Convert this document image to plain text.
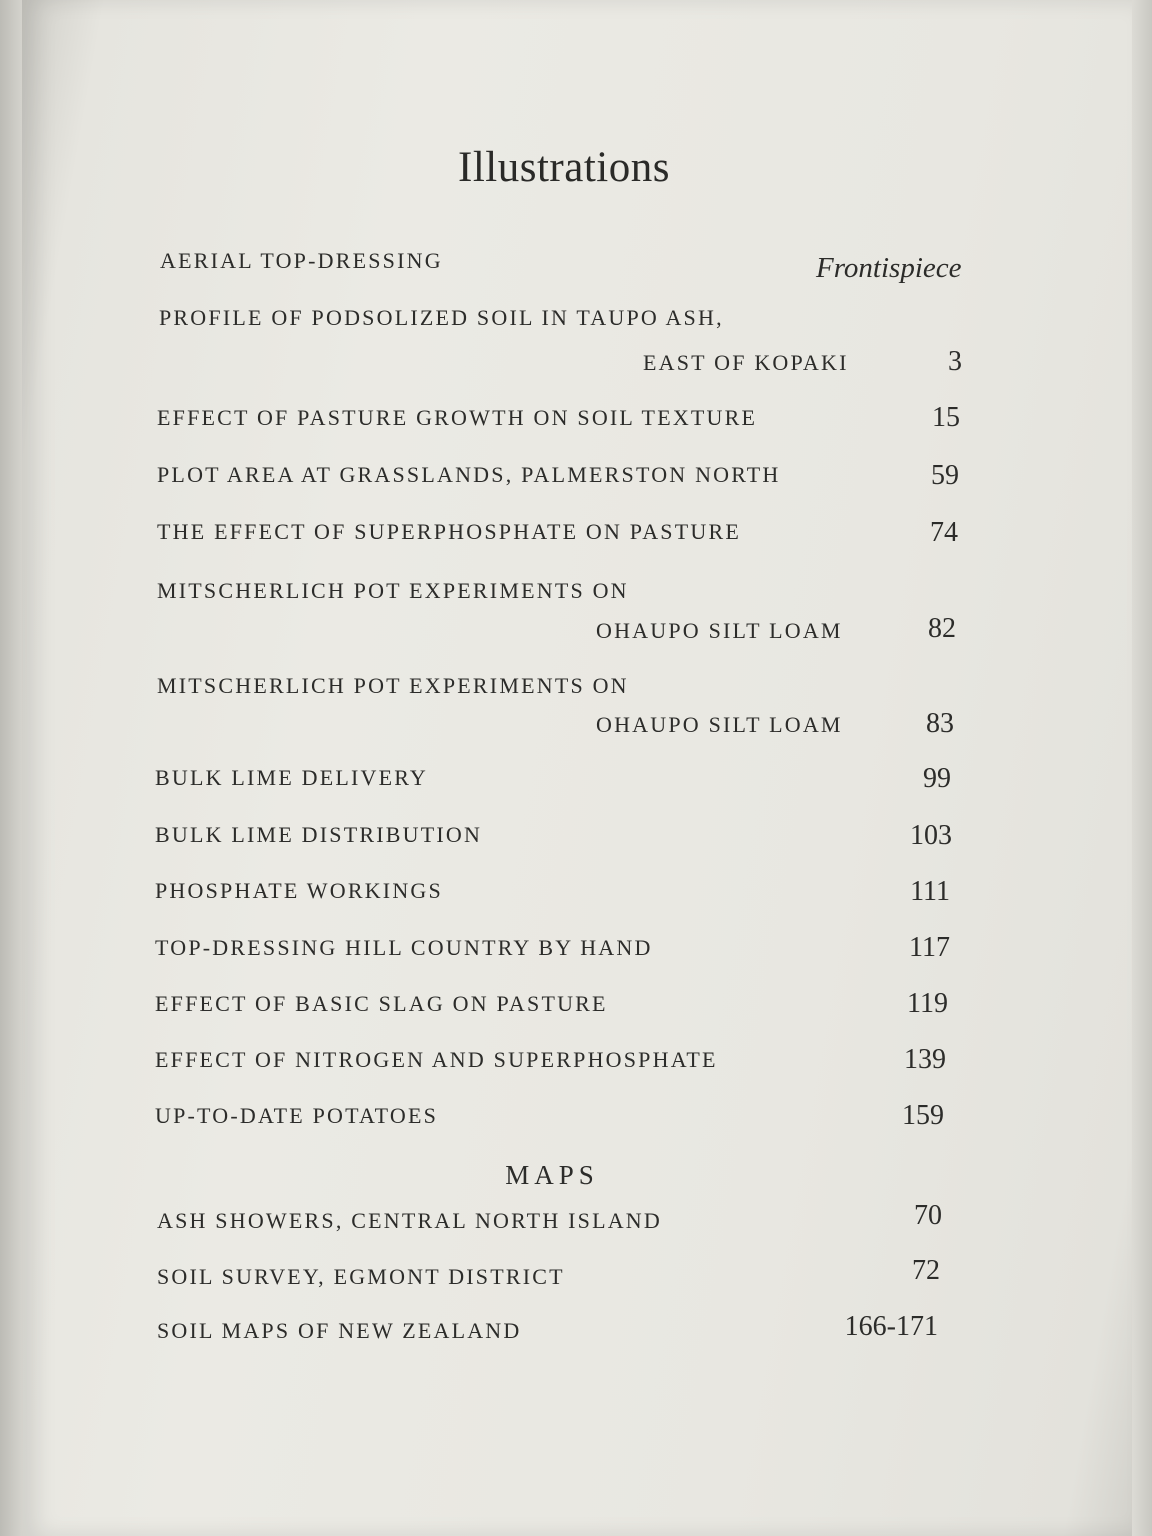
Illustrations
AERIAL TOP-DRESSING	Frontispiece
PROFILE OF PODSOLIZED SOIL IN TAUPO ASH,
EAST OF KOPAKI	3
EFFECT OF PASTURE GROWTH ON SOIL TEXTURE	15
PLOT AREA AT GRASSLANDS, PALMERSTON NORTH	59
THE EFFECT OF SUPERPHOSPHATE ON PASTURE	74
MITSCHERLICH POT EXPERIMENTS ON
OHAUPO SILT LOAM	82
MITSCHERLICH POT EXPERIMENTS ON
OHAUPO SILT LOAM	83
BULK LIME DELIVERY	99
BULK LIME DISTRIBUTION	103
PHOSPHATE WORKINGS	111
TOP-DRESSING HILL COUNTRY BY HAND	117
EFFECT OF BASIC SLAG ON PASTURE	119
EFFECT OF NITROGEN AND SUPERPHOSPHATE	139
UP-TO-DATE POTATOES	159
MAPS
ASH SHOWERS, CENTRAL NORTH ISLAND	70
SOIL SURVEY, EGMONT DISTRICT	72
SOIL MAPS OF NEW ZEALAND	166-171
